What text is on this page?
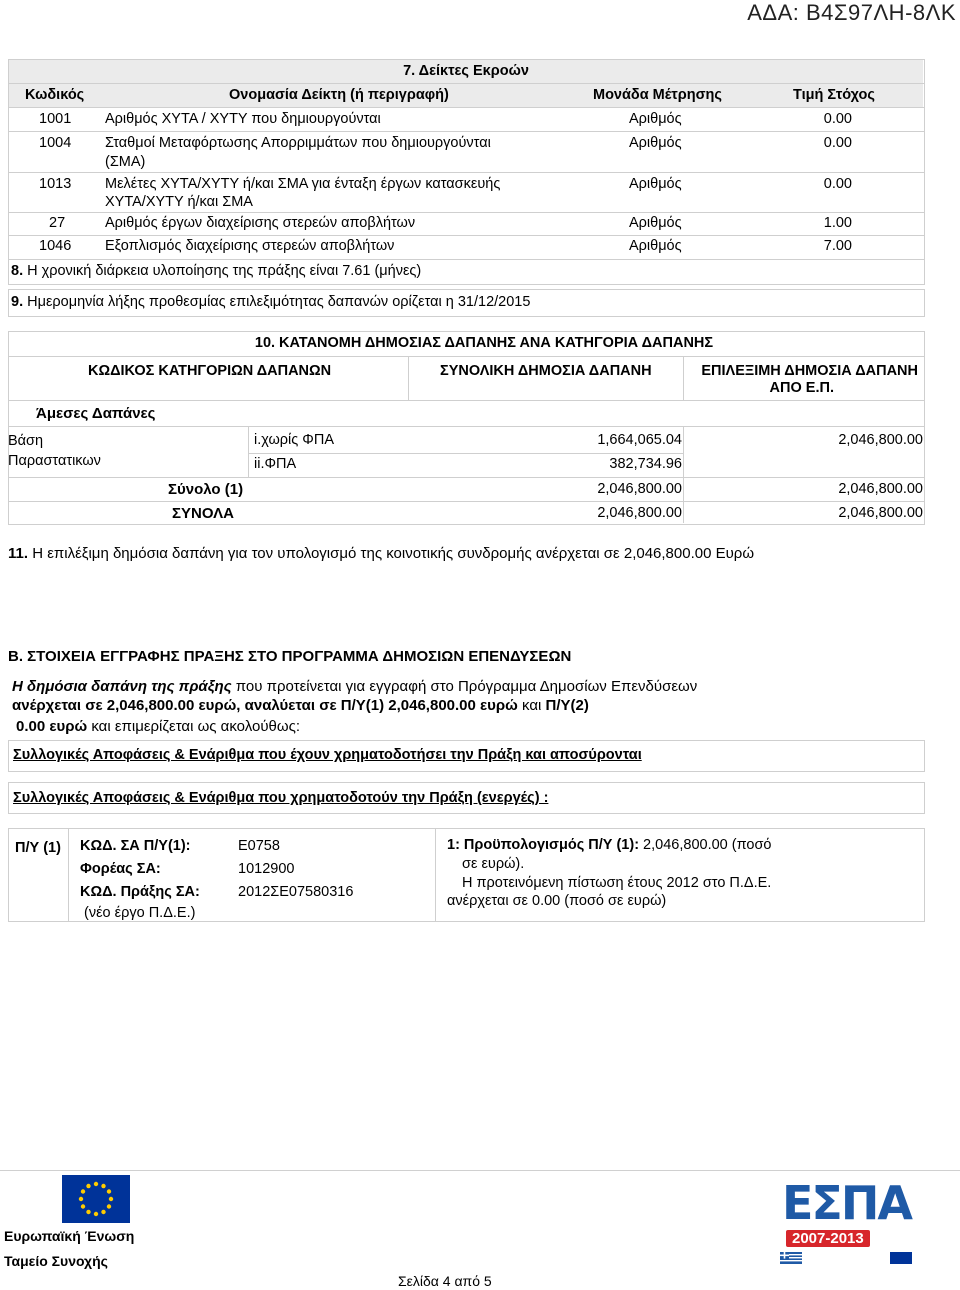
ΑΔΑ: Β4Σ97ΛΗ-8ΛΚ
7. Δείκτες Εκροών
Κωδικός	Ονομασία Δείκτη (ή περιγραφή)	Μονάδα Μέτρησης	Τιμή Στόχος
1001 Αριθμός ΧΥΤΑ / ΧΥΤΥ που δημιουργούνται	Αριθμός	0.00
1004 Σταθμοί Μεταφόρτωσης Απορριμμάτων που δημιουργούνται
(ΣΜΑ)
Αριθμός	0.00
1013 Μελέτες ΧΥΤΑ/ΧΥΤΥ ή/και ΣΜΑ για ένταξη έργων κατασκευής
ΧΥΤΑ/ΧΥΤΥ ή/και ΣΜΑ
Αριθμός	0.00
27	Αριθμός έργων διαχείρισης στερεών αποβλήτων	Αριθμός	1.00
1046 Εξοπλισμός διαχείρισης στερεών αποβλήτων	Αριθμός	7.00
8. Η χρονική διάρκεια υλοποίησης της πράξης είναι 7.61 (μήνες)
9. Ημερομηνία λήξης προθεσμίας επιλεξιμότητας δαπανών ορίζεται η 31/12/2015
10. ΚΑΤΑΝΟΜΗ ΔΗΜΟΣΙΑΣ ΔΑΠΑΝΗΣ ΑΝΑ ΚΑΤΗΓΟΡΙΑ ΔΑΠΑΝΗΣ
ΚΩΔΙΚΟΣ ΚΑΤΗΓΟΡΙΩΝ ΔΑΠΑΝΩΝ	ΣΥΝΟΛΙΚΗ ΔΗΜΟΣΙΑ ΔΑΠΑΝΗ	ΕΠΙΛΕΞΙΜΗ ΔΗΜΟΣΙΑ ΔΑΠΑΝΗ
ΑΠΟ Ε.Π.
Άμεσες Δαπάνες
Βάση
Παραστατικων
i.χωρίς ΦΠΑ	1,664,065.04	2,046,800.00
ii.ΦΠΑ	382,734.96
Σύνολο (1)	2,046,800.00	2,046,800.00
ΣΥΝΟΛΑ	2,046,800.00	2,046,800.00
11. Η επιλέξιμη δημόσια δαπάνη για τον υπολογισμό της κοινοτικής συνδρομής ανέρχεται σε 2,046,800.00 Ευρώ
Β. ΣΤΟΙΧΕΙΑ ΕΓΓΡΑΦΗΣ ΠΡΑΞΗΣ ΣΤΟ ΠΡΟΓΡΑΜΜΑ ΔΗΜΟΣΙΩΝ ΕΠΕΝΔΥΣΕΩΝ
Η δημόσια δαπάνη της πράξης που προτείνεται για εγγραφή στο Πρόγραμμα Δημοσίων Επενδύσεων
ανέρχεται σε 2,046,800.00 ευρώ, αναλύεται σε Π/Υ(1) 2,046,800.00 ευρώ και Π/Υ(2)
0.00 ευρώ και επιμερίζεται ως ακολούθως:
Συλλογικές Αποφάσεις & Ενάριθμα που έχουν χρηματοδοτήσει την Πράξη και αποσύρονται
Συλλογικές Αποφάσεις & Ενάριθμα που χρηματοδοτούν την Πράξη (ενεργές) :
Π/Υ (1) ΚΩΔ. ΣΑ Π/Υ(1):	E0758
Φορέας ΣΑ:	1012900
ΚΩΔ. Πράξης ΣΑ:	2012ΣΕ07580316
(νέο έργο Π.Δ.Ε.)
1: Προϋπολογισμός Π/Υ (1): 2,046,800.00 (ποσό
σε ευρώ).
Η προτεινόμενη πίστωση έτους 2012 στο Π.Δ.Ε.
ανέρχεται σε 0.00 (ποσό σε ευρώ)
Ευρωπαϊκή Ένωση
Ταμείο Συνοχής
Σελίδα 4 από 5
ΕΣΠΑ
2007-2013
